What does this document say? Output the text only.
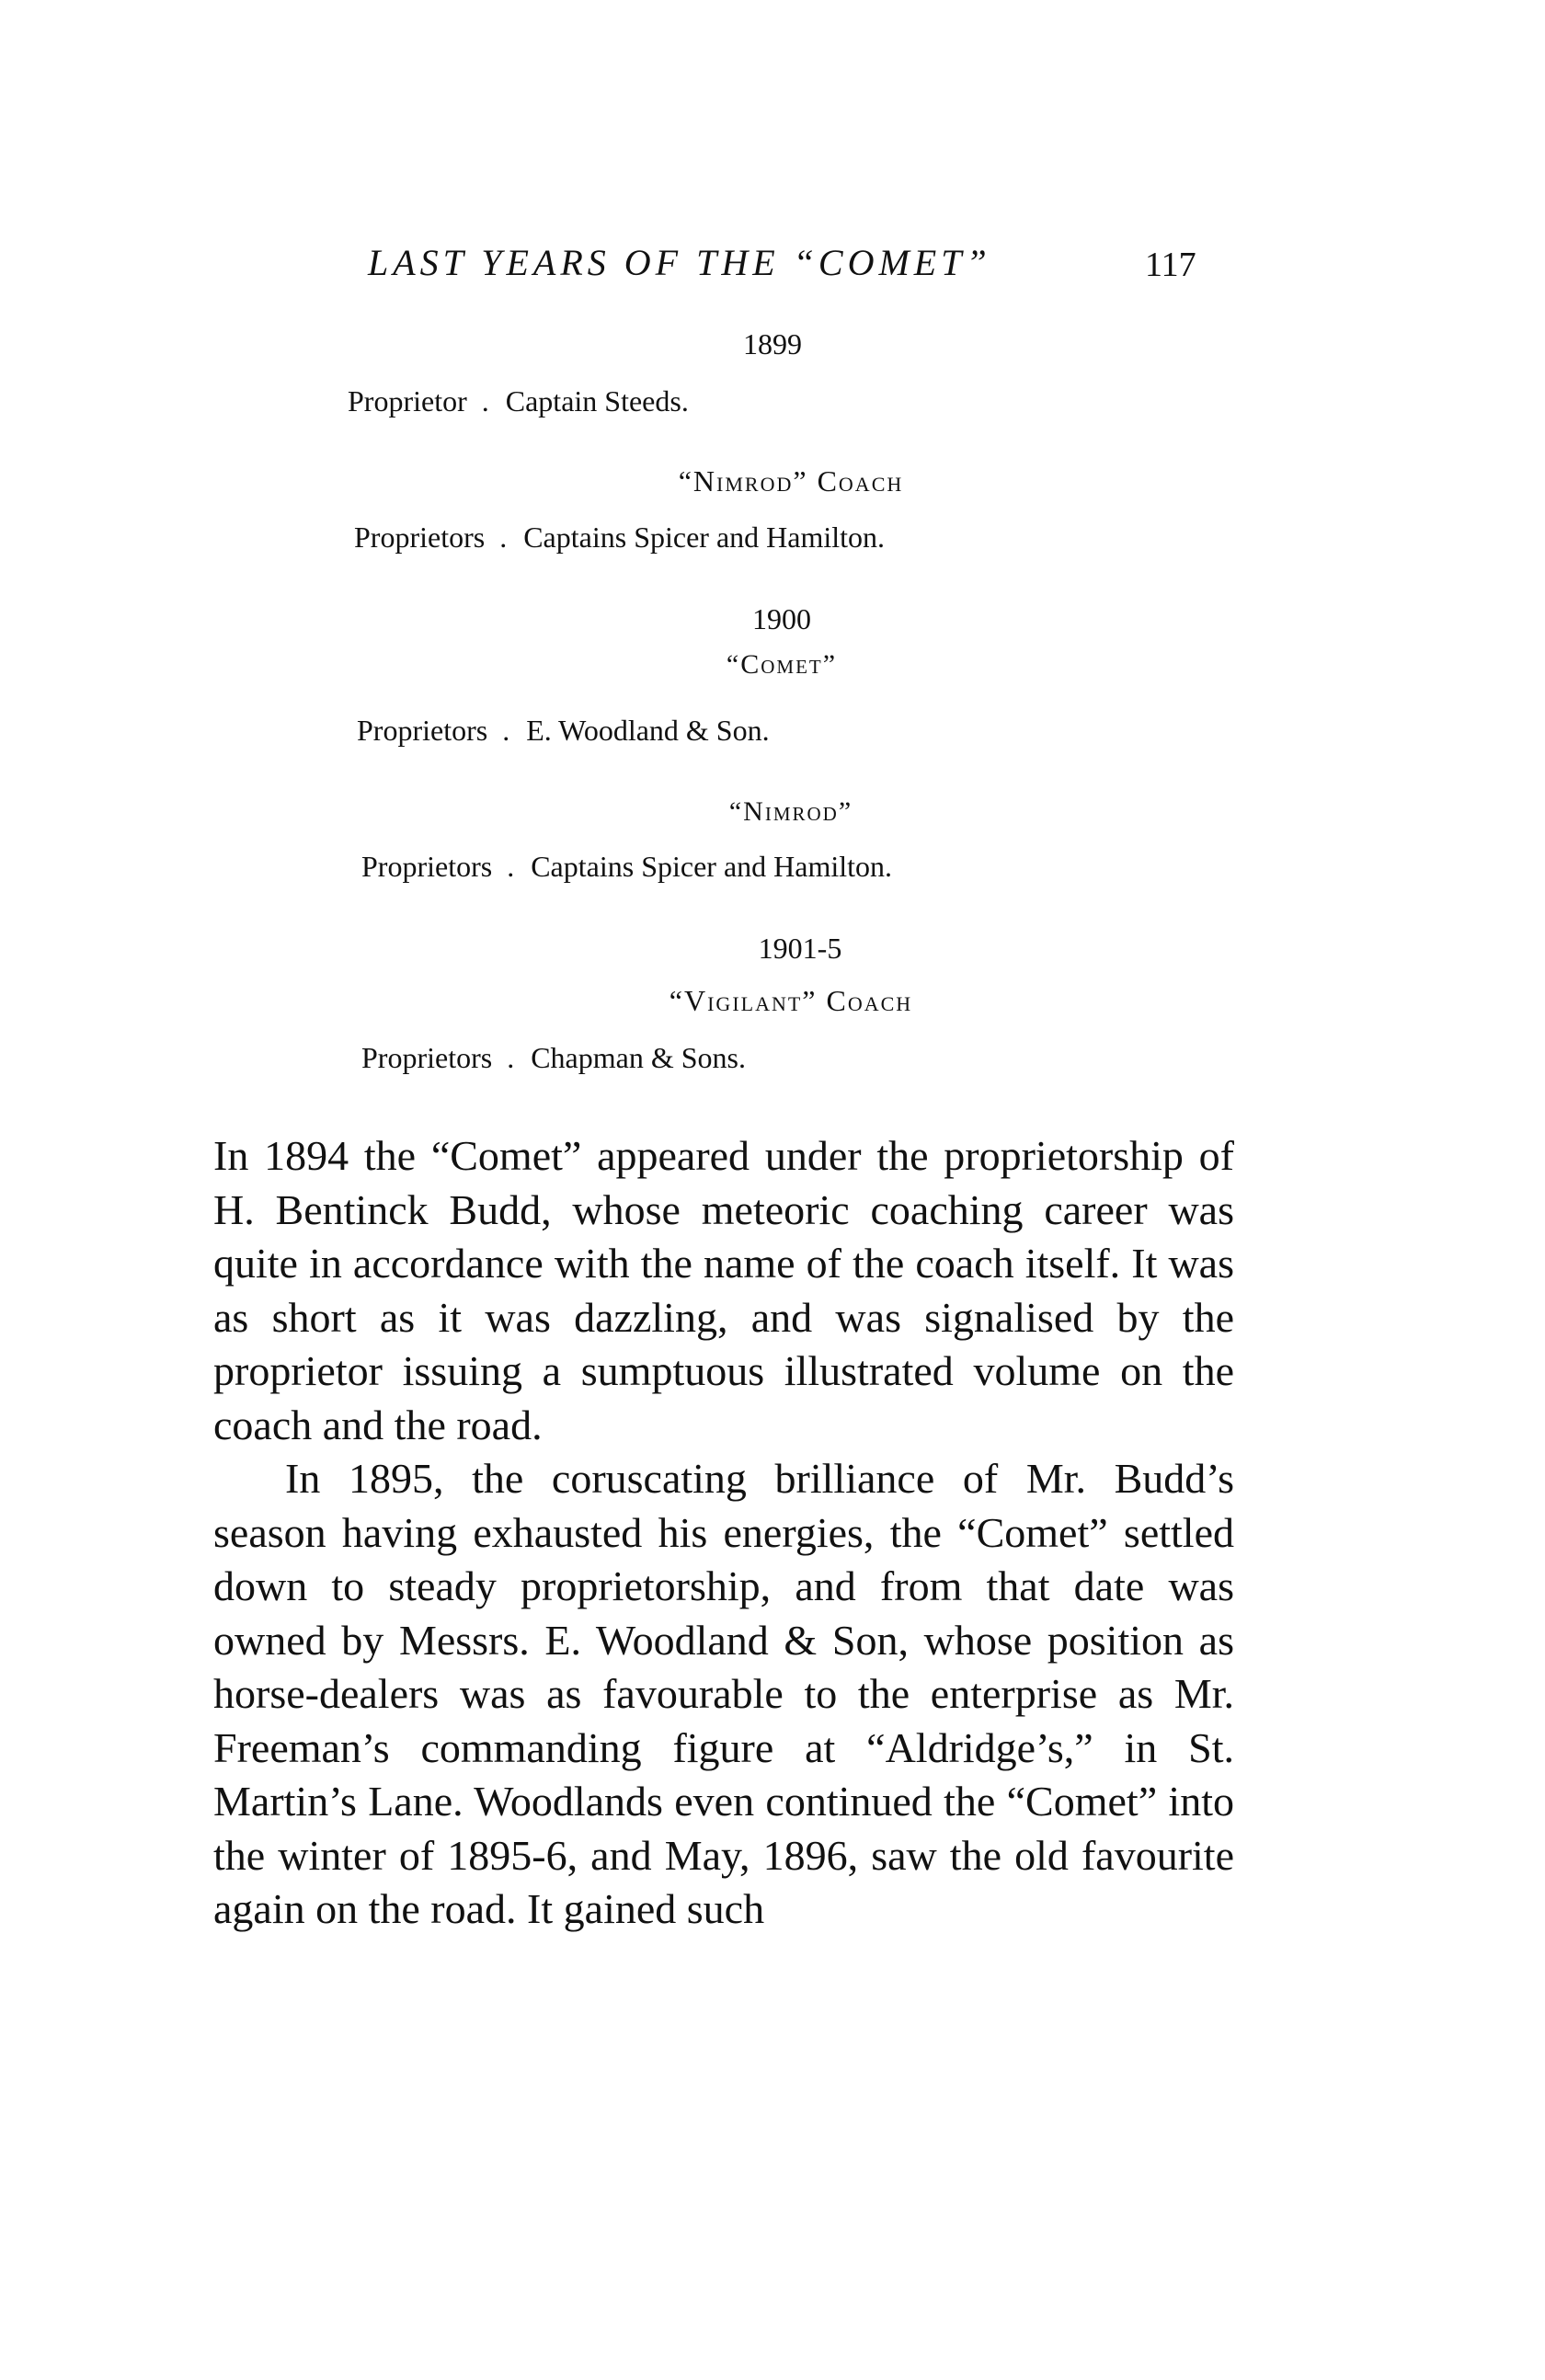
LAST YEARS OF THE “COMET”	117
1899
Proprietor . Captain Steeds.
“Nimrod” Coach
Proprietors . Captains Spicer and Hamilton.
1900
“Comet”
Proprietors . E. Woodland & Son.
“Nimrod”
Proprietors . Captains Spicer and Hamilton.
1901-5
“Vigilant” Coach
Proprietors . Chapman & Sons.

In 1894 the “Comet” appeared under the proprietorship of H. Bentinck Budd, whose meteoric coaching career was quite in accordance with the name of the coach itself. It was as short as it was dazzling, and was signalised by the proprietor issuing a sumptuous illustrated volume on the coach and the road.

In 1895, the coruscating brilliance of Mr. Budd’s season having exhausted his energies, the “Comet” settled down to steady proprietorship, and from that date was owned by Messrs. E. Woodland & Son, whose position as horse-dealers was as favourable to the enterprise as Mr. Freeman’s commanding figure at “Aldridge’s,” in St. Martin’s Lane. Woodlands even continued the “Comet” into the winter of 1895-6, and May, 1896, saw the old favourite again on the road. It gained such
